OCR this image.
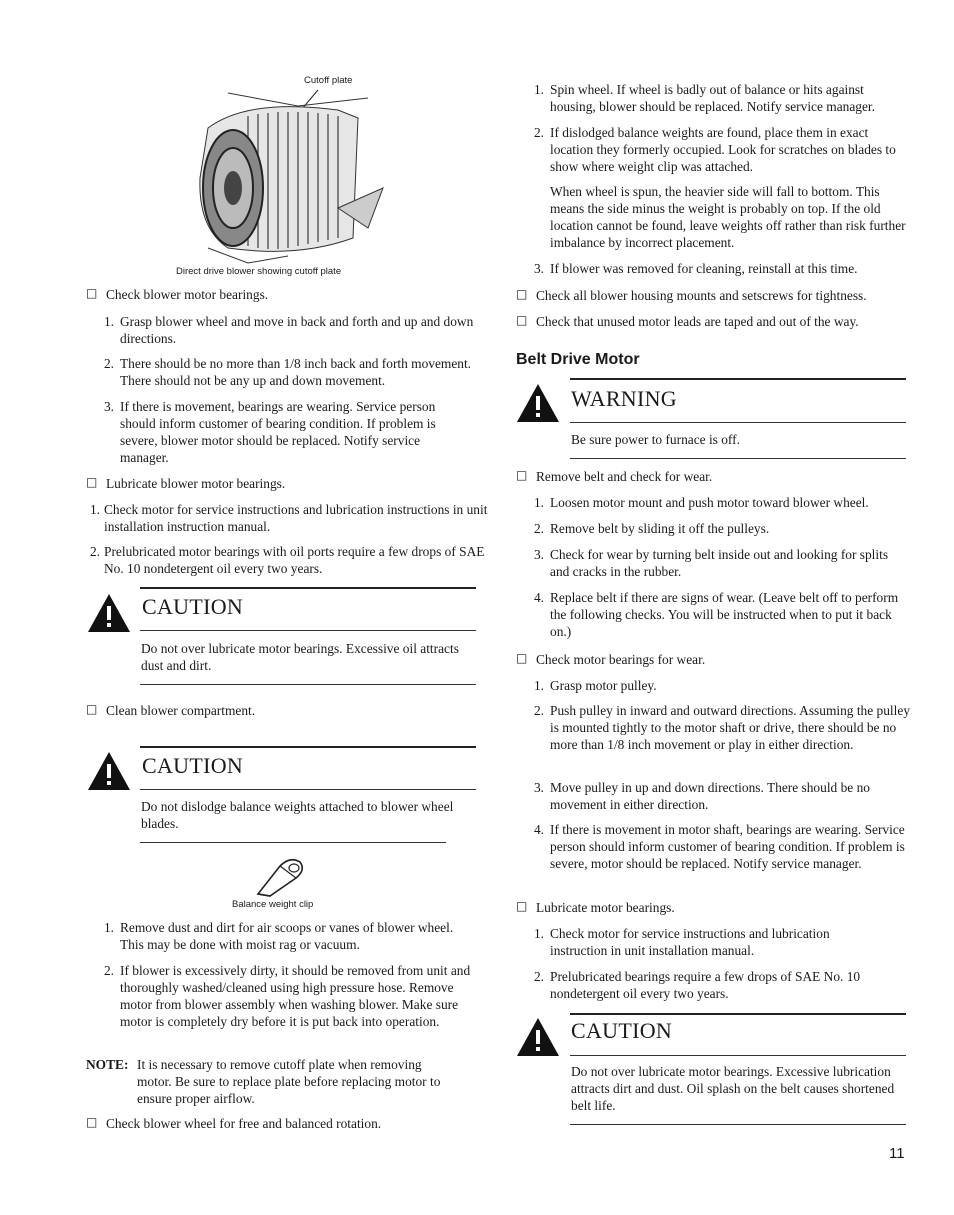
Cutoff plate
Direct drive blower showing cutoff plate
□ Check blower motor bearings.
1. Grasp blower wheel and move in back and forth and up and down directions.
2. There should be no more than 1/8 inch back and forth movement. There should not be any up and down movement.
3. If there is movement, bearings are wearing. Service person should inform customer of bearing condition. If problem is severe, blower motor should be replaced. Notify service manager.
□ Lubricate blower motor bearings.
1. Check motor for service instructions and lubrication instructions in unit installation instruction manual.
2. Prelubricated motor bearings with oil ports require a few drops of SAE No. 10 nondetergent oil every two years.
CAUTION
Do not over lubricate motor bearings. Excessive oil attracts dust and dirt.
□ Clean blower compartment.
CAUTION
Do not dislodge balance weights attached to blower wheel blades.
Balance weight clip
1. Remove dust and dirt for air scoops or vanes of blower wheel. This may be done with moist rag or vacuum.
2. If blower is excessively dirty, it should be removed from unit and thoroughly washed/cleaned using high pressure hose. Remove motor from blower assembly when washing blower. Make sure motor is completely dry before it is put back into operation.
NOTE: It is necessary to remove cutoff plate when removing motor. Be sure to replace plate before replacing motor to ensure proper airflow.
□ Check blower wheel for free and balanced rotation.
1. Spin wheel. If wheel is badly out of balance or hits against housing, blower should be replaced. Notify service manager.
2. If dislodged balance weights are found, place them in exact location they formerly occupied. Look for scratches on blades to show where weight clip was attached.
When wheel is spun, the heavier side will fall to bottom. This means the side minus the weight is probably on top. If the old location cannot be found, leave weights off rather than risk further imbalance by incorrect placement.
3. If blower was removed for cleaning, reinstall at this time.
□ Check all blower housing mounts and setscrews for tightness.
□ Check that unused motor leads are taped and out of the way.
Belt Drive Motor
WARNING
Be sure power to furnace is off.
□ Remove belt and check for wear.
1. Loosen motor mount and push motor toward blower wheel.
2. Remove belt by sliding it off the pulleys.
3. Check for wear by turning belt inside out and looking for splits and cracks in the rubber.
4. Replace belt if there are signs of wear. (Leave belt off to perform the following checks. You will be instructed when to put it back on.)
□ Check motor bearings for wear.
1. Grasp motor pulley.
2. Push pulley in inward and outward directions. Assuming the pulley is mounted tightly to the motor shaft or drive, there should be no more than 1/8 inch movement or play in either direction.
3. Move pulley in up and down directions. There should be no movement in either direction.
4. If there is movement in motor shaft, bearings are wearing. Service person should inform customer of bearing condition. If problem is severe, motor should be replaced. Notify service manager.
□ Lubricate motor bearings.
1. Check motor for service instructions and lubrication instruction in unit installation manual.
2. Prelubricated bearings require a few drops of SAE No. 10 nondetergent oil every two years.
CAUTION
Do not over lubricate motor bearings. Excessive lubrication attracts dirt and dust. Oil splash on the belt causes shortened belt life.
11
